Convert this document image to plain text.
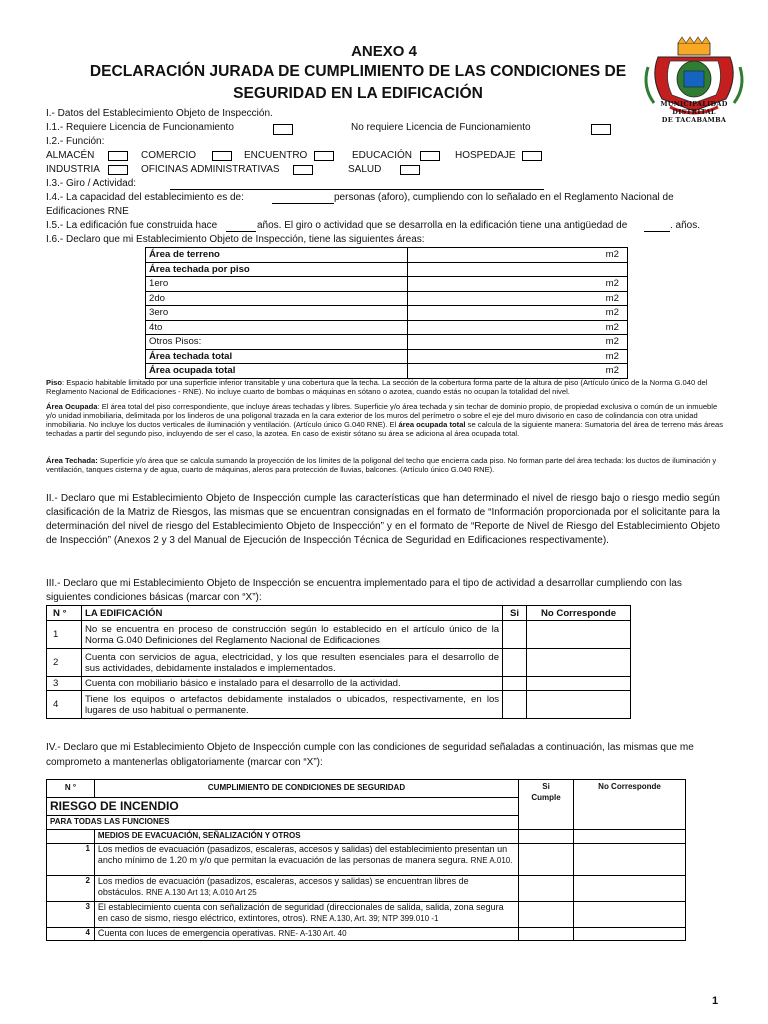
ANEXO 4
DECLARACIÓN JURADA DE CUMPLIMIENTO DE LAS CONDICIONES DE
SEGURIDAD EN LA EDIFICACIÓN
MUNICIPALIDAD
DISTRITAL
DE TACABAMBA
I.- Datos del Establecimiento Objeto de Inspección.
I.1.- Requiere Licencia de Funcionamiento	No requiere Licencia de Funcionamiento
I.2.- Función:
ALMACÉN	COMERCIO	ENCUENTRO	EDUCACIÓN	HOSPEDAJE
INDUSTRIA	OFICINAS ADMINISTRATIVAS	SALUD
I.3.- Giro / Actividad:
I.4.- La capacidad del establecimiento es de:	personas (aforo), cumpliendo con lo señalado en el Reglamento Nacional de
Edificaciones RNE
I.5.- La edificación fue construida hace	años. El giro o actividad que se desarrolla en la edificación tiene una antigüedad de	. años.
I.6.- Declaro que mi Establecimiento Objeto de Inspección, tiene las siguientes áreas:
Área de terreno	m2
Área techada por piso	
1ero	m2
2do	m2
3ero	m2
4to	m2
Otros Pisos:	m2
Área techada total	m2
Área ocupada total	m2
Piso: Espacio habitable limitado por una superficie inferior transitable y una cobertura que la techa. La sección de la cobertura forma parte de la altura de piso (Artículo único de la Norma G.040 del Reglamento Nacional de Edificaciones - RNE). No incluye cuarto de bombas o máquinas en sótano o azotea, cuando estás no ocupan la totalidad del nivel.
Área Ocupada: El área total del piso correspondiente, que incluye áreas techadas y libres. Superficie y/o área techada y sin techar de dominio propio, de propiedad exclusiva o común de un inmueble y/o unidad inmobiliaria, delimitada por los linderos de una poligonal trazada en la cara exterior de los muros del perímetro o sobre el eje del muro divisorio en caso de colindancia con otra unidad inmobiliaria. No incluye los ductos verticales de iluminación y ventilación. (Artículo único G.040 RNE). El área ocupada total se calcula de la siguiente manera: Sumatoria del área de terreno más áreas techadas a partir del segundo piso, incluyendo de ser el caso, la azotea. En caso de existir sótano su área se adiciona al área ocupada total.
Área Techada: Superficie y/o área que se calcula sumando la proyección de los límites de la poligonal del techo que encierra cada piso. No forman parte del área techada: los ductos de iluminación y ventilación, tanques cisterna y de agua, cuarto de máquinas, aleros para protección de lluvias, balcones. (Artículo único G.040 RNE).
II.- Declaro que mi Establecimiento Objeto de Inspección cumple las características que han determinado el nivel de riesgo bajo o riesgo medio según clasificación de la Matriz de Riesgos, las mismas que se encuentran consignadas en el formato de “Información proporcionada por el solicitante para la determinación del nivel de riesgo del Establecimiento Objeto de Inspección” y en el formato de “Reporte de Nivel de Riesgo del Establecimiento Objeto de Inspección” (Anexos 2 y 3 del Manual de Ejecución de Inspección Técnica de Seguridad en Edificaciones respectivamente).
III.- Declaro que mi Establecimiento Objeto de Inspección se encuentra implementado para el tipo de actividad a desarrollar cumpliendo con las siguientes condiciones básicas (marcar con “X”):
N °	LA EDIFICACIÓN	Si	No Corresponde
1	No se encuentra en proceso de construcción según lo establecido en el artículo único de la Norma G.040 Definiciones del Reglamento Nacional de Edificaciones		
2	Cuenta con servicios de agua, electricidad, y los que resulten esenciales para el desarrollo de sus actividades, debidamente instalados e implementados.		
3	Cuenta con mobiliario básico e instalado para el desarrollo de la actividad.		
4	Tiene los equipos o artefactos debidamente instalados o ubicados, respectivamente, en los lugares de uso habitual o permanente.		
IV.- Declaro que mi Establecimiento Objeto de Inspección cumple con las condiciones de seguridad señaladas a continuación, las mismas que me comprometo a mantenerlas obligatoriamente (marcar con “X”):
N °	CUMPLIMIENTO DE CONDICIONES DE SEGURIDAD	Si Cumple	No Corresponde
RIESGO DE INCENDIO			
PARA TODAS LAS FUNCIONES			
	MEDIOS DE EVACUACIÓN, SEÑALIZACIÓN Y OTROS		
1	Los medios de evacuación (pasadizos, escaleras, accesos y salidas) del establecimiento presentan un ancho mínimo de 1.20 m y/o que permitan la evacuación de las personas de manera segura. RNE A.010.		
2	Los medios de evacuación (pasadizos, escaleras, accesos y salidas) se encuentran libres de obstáculos. RNE A.130 Art 13; A.010 Art 25		
3	El establecimiento cuenta con señalización de seguridad (direccionales de salida, salida, zona segura en caso de sismo, riesgo eléctrico, extintores, otros). RNE A.130, Art. 39; NTP 399.010 -1		
4	Cuenta con luces de emergencia operativas. RNE- A-130 Art. 40		
1
